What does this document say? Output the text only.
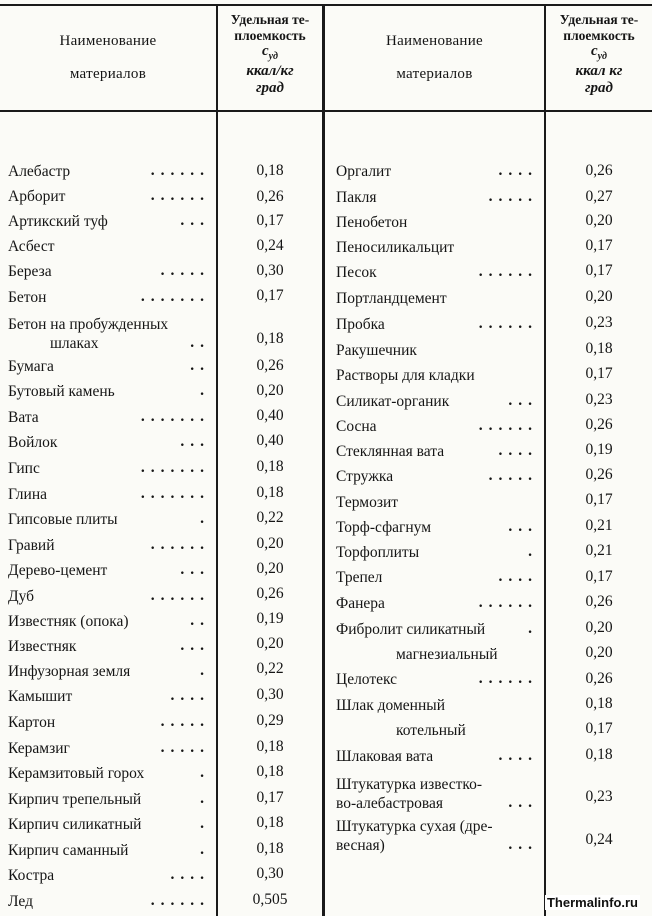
Наименование
материалов
Удельная те-
плоемкость
$c_{уд}$
ккал/кг
град
Наименование
материалов
Удельная те-
плоемкость
$c_{уд}$
ккал кг
град
Алебастр	......	0,18
Арборит	......	0,26
Артикский туф	...	0,17
Асбест	0,24
Береза	.....	0,30
Бетон	.......	0,17
Бетон на пробужденных
шлаках	..	0,18
Бумага	..	0,26
Бутовый камень	.	0,20
Вата	.......	0,40
Войлок	...	0,40
Гипс	.......	0,18
Глина	.......	0,18
Гипсовые плиты	.	0,22
Гравий	......	0,20
Дерево-цемент	...	0,20
Дуб	......	0,26
Известняк (опока)	..	0,19
Известняк	...	0,20
Инфузорная земля	.	0,22
Камышит	....	0,30
Картон	.....	0,29
Керамзиг	.....	0,18
Керамзитовый горох	.	0,18
Кирпич трепельный	.	0,17
Кирпич силикатный	.	0,18
Кирпич саманный	.	0,18
Костра	....	0,30
Лед	......	0,505
Оргалит	....	0,26
Пакля	.....	0,27
Пенобетон	0,20
Пеносиликальцит	0,17
Песок	......	0,17
Портландцемент	0,20
Пробка	......	0,23
Ракушечник	0,18
Растворы для кладки	0,17
Силикат-органик	...	0,23
Сосна	......	0,26
Стеклянная вата	....	0,19
Стружка	.....	0,26
Термозит	0,17
Торф-сфагнум	...	0,21
Торфоплиты	.	0,21
Трепел	....	0,17
Фанера	......	0,26
Фибролит силикатный	.	0,20
магнезиальный	0,20
Целотекс	......	0,26
Шлак доменный	0,18
котельный	0,17
Шлаковая вата	....	0,18
Штукатурка известко-
во-алебастровая	...	0,23
Штукатурка сухая (дре-
весная)	...	0,24
Thermalinfo.ru
